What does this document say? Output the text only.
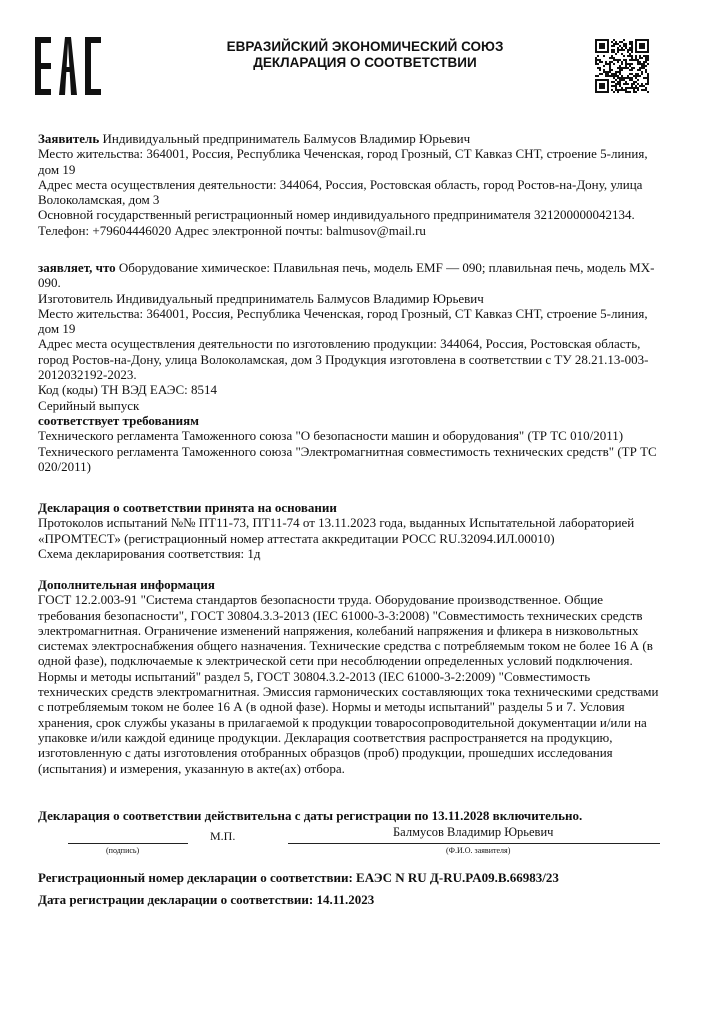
ЕВРАЗИЙСКИЙ ЭКОНОМИЧЕСКИЙ СОЮЗ
ДЕКЛАРАЦИЯ О СООТВЕТСТВИИ

Заявитель Индивидуальный предприниматель Балмусов Владимир Юрьевич

Место жительства: 364001, Россия, Республика Чеченская, город Грозный, СТ Кавказ СНТ, строение 5-линия, дом 19

Адрес места осуществления деятельности: 344064, Россия, Ростовская область, город Ростов-на-Дону, улица Волоколамская, дом 3

Основной государственный регистрационный номер индивидуального предпринимателя 321200000042134.

Телефон: +79604446020 Адрес электронной почты: balmusov@mail.ru

заявляет, что Оборудование химическое: Плавильная печь, модель EMF — 090; плавильная печь, модель MX-090.

Изготовитель Индивидуальный предприниматель Балмусов Владимир Юрьевич

Место жительства: 364001, Россия, Республика Чеченская, город Грозный, СТ Кавказ СНТ, строение 5-линия, дом 19

Адрес места осуществления деятельности по изготовлению продукции: 344064, Россия, Ростовская область, город Ростов-на-Дону, улица Волоколамская, дом 3 Продукция изготовлена в соответствии с ТУ 28.21.13-003-2012032192-2023.

Код (коды) ТН ВЭД ЕАЭС: 8514

Серийный выпуск

соответствует требованиям

Технического регламента Таможенного союза "О безопасности машин и оборудования" (ТР ТС 010/2011)

Технического регламента Таможенного союза "Электромагнитная совместимость технических средств" (ТР ТС 020/2011)

Декларация о соответствии принята на основании

Протоколов испытаний №№ ПТ11-73, ПТ11-74 от 13.11.2023 года, выданных Испытательной лабораторией «ПРОМТЕСТ» (регистрационный номер аттестата аккредитации РОСС RU.32094.ИЛ.00010)

Схема декларирования соответствия: 1д

Дополнительная информация

ГОСТ 12.2.003-91 "Система стандартов безопасности труда. Оборудование производственное. Общие требования безопасности", ГОСТ 30804.3.3-2013 (IEC 61000-3-3:2008) "Совместимость технических средств электромагнитная. Ограничение изменений напряжения, колебаний напряжения и фликера в низковольтных системах электроснабжения общего назначения. Технические средства с потребляемым током не более 16 А (в одной фазе), подключаемые к электрической сети при несоблюдении определенных условий подключения. Нормы и методы испытаний" раздел 5, ГОСТ 30804.3.2-2013 (IEC 61000-3-2:2009) "Совместимость технических средств электромагнитная. Эмиссия гармонических составляющих тока техническими средствами с потребляемым током не более 16 А (в одной фазе). Нормы и методы испытаний" разделы 5 и 7. Условия хранения, срок службы указаны в прилагаемой к продукции товаросопроводительной документации и/или на упаковке и/или каждой единице продукции. Декларация соответствия распространяется на продукцию, изготовленную с даты изготовления отобранных образцов (проб) продукции, прошедших исследования (испытания) и измерения, указанную в акте(ах) отбора.

Декларация о соответствии действительна с даты регистрации по 13.11.2028 включительно.
(подпись)
М.П.	Балмусов Владимир Юрьевич
(Ф.И.О. заявителя)
Регистрационный номер декларации о соответствии: ЕАЭС N RU Д-RU.PA09.B.66983/23
Дата регистрации декларации о соответствии: 14.11.2023
